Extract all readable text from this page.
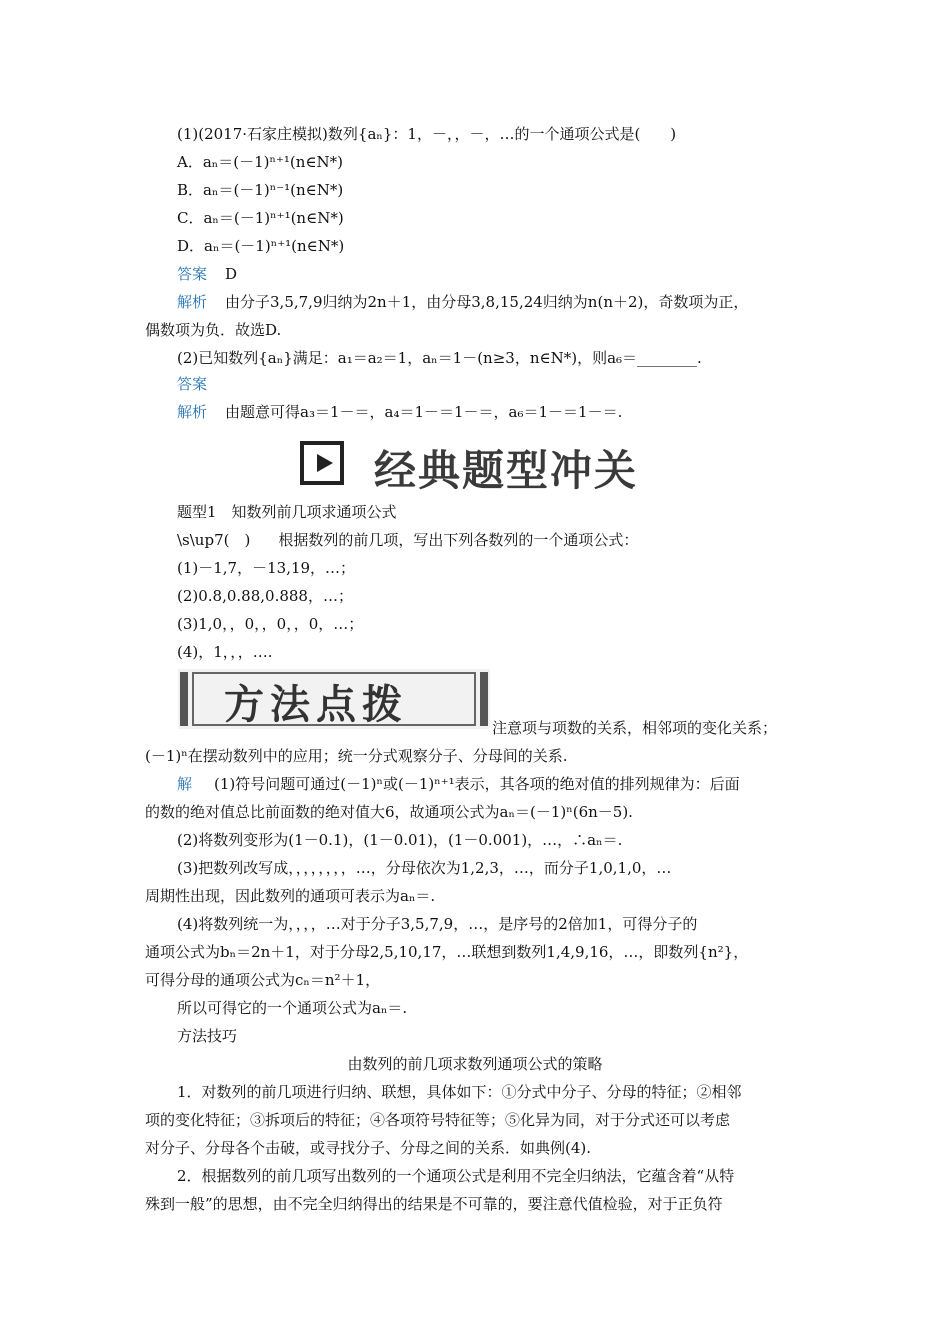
(1)(2017·石家庄模拟)数列{aₙ}：1，－，，－，…的一个通项公式是(　　)
A．aₙ＝(－1)ⁿ⁺¹(n∈N*)
B．aₙ＝(－1)ⁿ⁻¹(n∈N*)
C．aₙ＝(－1)ⁿ⁺¹(n∈N*)
D．aₙ＝(－1)ⁿ⁺¹(n∈N*)
答案 D
解析 由分子3,5,7,9归纳为2n＋1，由分母3,8,15,24归纳为n(n＋2)，奇数项为正，
偶数项为负．故选D.
(2)已知数列{aₙ}满足：a₁＝a₂＝1，aₙ＝1－(n≥3，n∈N*)，则a₆＝________.
答案
解析 由题意可得a₃＝1－＝，a₄＝1－＝1－＝，a₆＝1－＝1－＝.
经典题型冲关
题型1　知数列前几项求通项公式
\s\up7(　) 根据数列的前几项，写出下列各数列的一个通项公式：
(1)－1,7，－13,19，…；
(2)0.8,0.88,0.888，…；
(3)1,0，，0，，0，，0，…；
(4)，1，，，….
方法点拨	注意项与项数的关系，相邻项的变化关系；
(－1)ⁿ在摆动数列中的应用；统一分式观察分子、分母间的关系.
解 (1)符号问题可通过(－1)ⁿ或(－1)ⁿ⁺¹表示，其各项的绝对值的排列规律为：后面
的数的绝对值总比前面数的绝对值大6，故通项公式为aₙ＝(－1)ⁿ(6n－5).
(2)将数列变形为(1－0.1)，(1－0.01)，(1－0.001)，…，∴aₙ＝.
(3)把数列改写成，，，，，，，，…，分母依次为1,2,3，…，而分子1,0,1,0，…
周期性出现，因此数列的通项可表示为aₙ＝.
(4)将数列统一为，，，，…对于分子3,5,7,9，…，是序号的2倍加1，可得分子的
通项公式为bₙ＝2n＋1，对于分母2,5,10,17，…联想到数列1,4,9,16，…，即数列{n²}，
可得分母的通项公式为cₙ＝n²＋1，
所以可得它的一个通项公式为aₙ＝.
方法技巧
由数列的前几项求数列通项公式的策略
1．对数列的前几项进行归纳、联想，具体如下：①分式中分子、分母的特征；②相邻
项的变化特征；③拆项后的特征；④各项符号特征等；⑤化异为同，对于分式还可以考虑
对分子、分母各个击破，或寻找分子、分母之间的关系．如典例(4).
2．根据数列的前几项写出数列的一个通项公式是利用不完全归纳法，它蕴含着“从特
殊到一般”的思想，由不完全归纳得出的结果是不可靠的，要注意代值检验，对于正负符
